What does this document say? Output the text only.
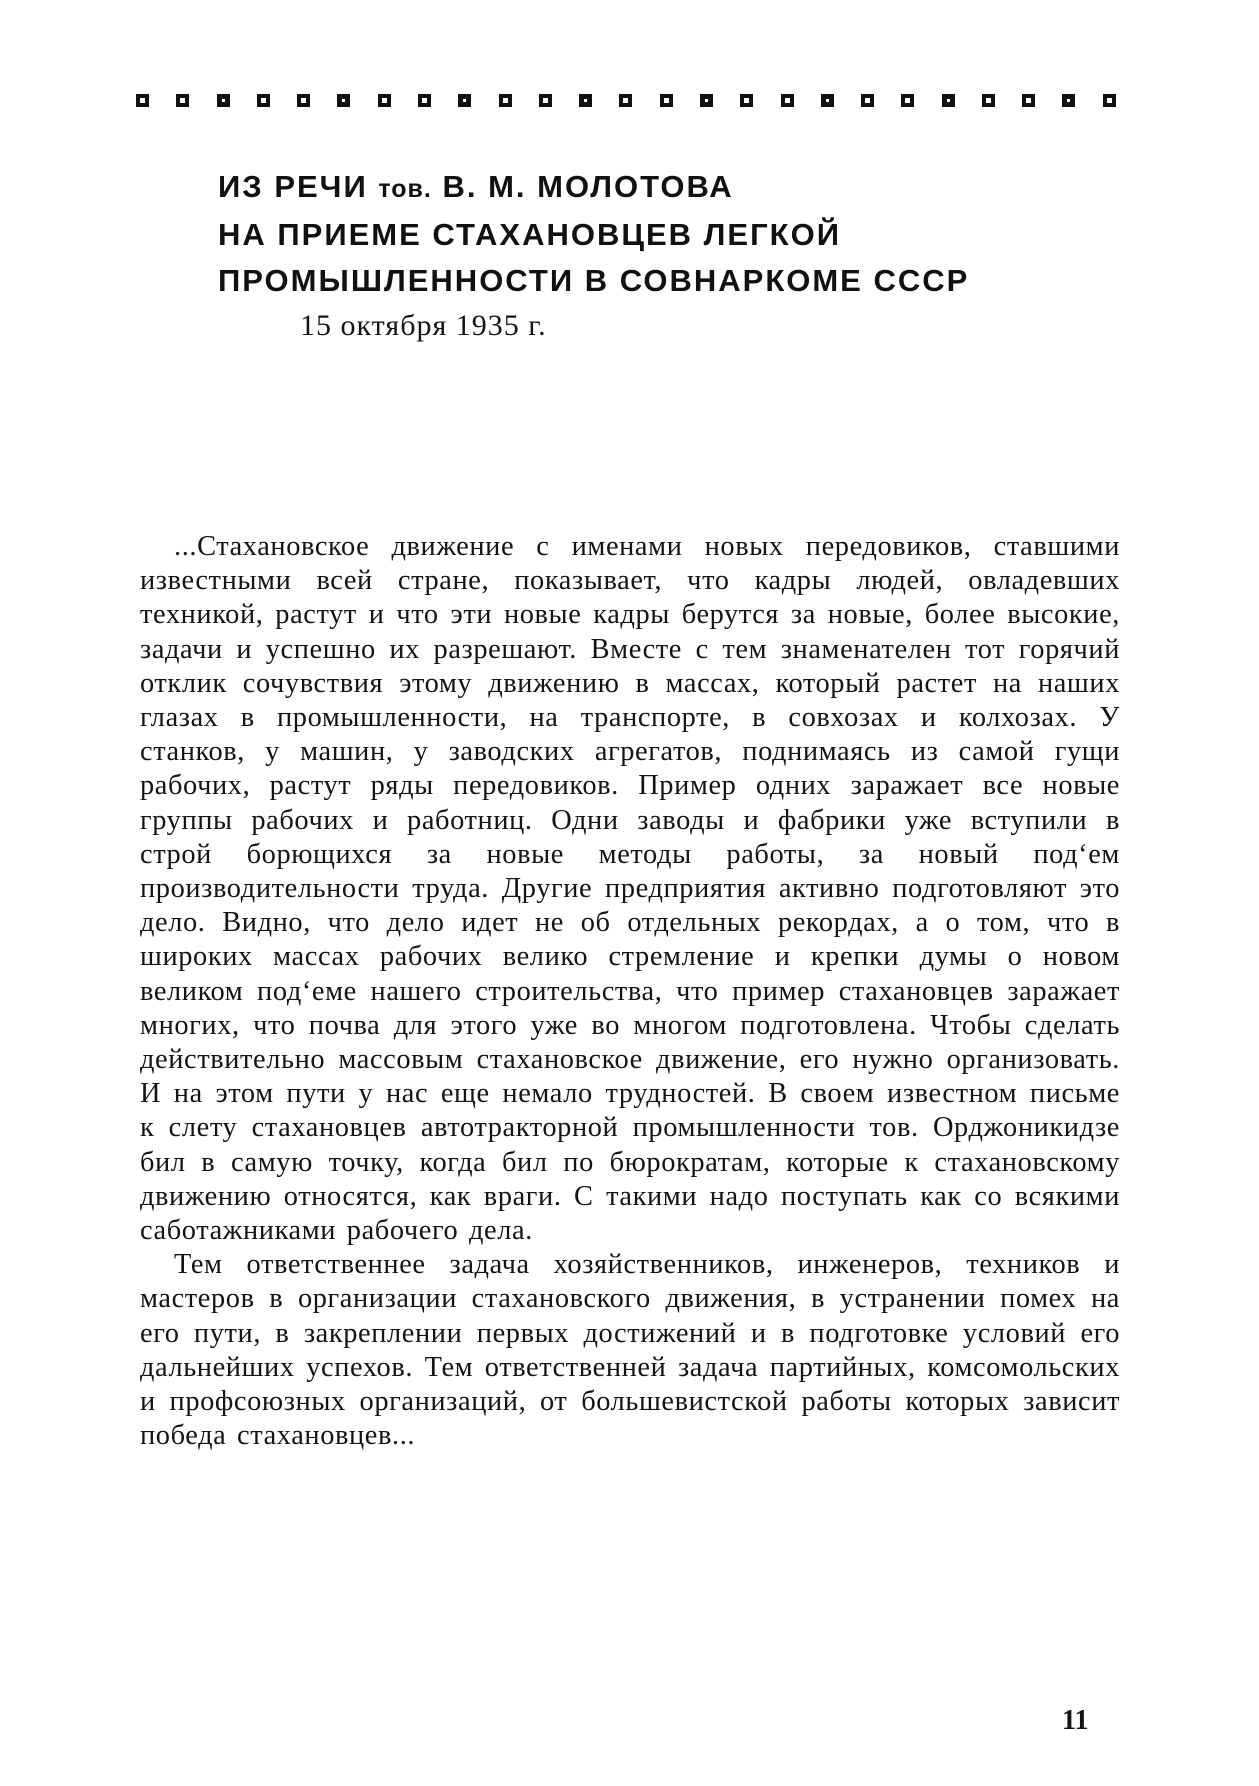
ИЗ РЕЧИ тов. В. М. МОЛОТОВА
НА ПРИЕМЕ СТАХАНОВЦЕВ ЛЕГКОЙ
ПРОМЫШЛЕННОСТИ В СОВНАРКОМЕ СССР

15 октября 1935 г.

...Стахановское движение с именами новых передовиков, ставшими известными всей стране, показывает, что кадры людей, овладевших техникой, растут и что эти новые кадры берутся за новые, более высокие, задачи и успешно их разрешают. Вместе с тем знаменателен тот горячий отклик сочувствия этому движению в массах, который растет на наших глазах в промышленности, на транспорте, в совхозах и колхозах. У станков, у машин, у заводских агрегатов, поднимаясь из самой гущи рабочих, растут ряды передовиков. Пример одних заражает все новые группы рабочих и работниц. Одни заводы и фабрики уже вступили в строй борющихся за новые методы работы, за новый под‘ем производительности труда. Другие предприятия активно подготовляют это дело. Видно, что дело идет не об отдельных рекордах, а о том, что в широких массах рабочих велико стремление и крепки думы о новом великом под‘еме нашего строительства, что пример стахановцев заражает многих, что почва для этого уже во многом подготовлена. Чтобы сделать действительно массовым стахановское движение, его нужно организовать. И на этом пути у нас еще немало трудностей. В своем известном письме к слету стахановцев автотракторной промышленности тов. Орджоникидзе бил в самую точку, когда бил по бюрократам, которые к стахановскому движению относятся, как враги. С такими надо поступать как со всякими саботажниками рабочего дела.

Тем ответственнее задача хозяйственников, инженеров, техников и мастеров в организации стахановского движения, в устранении помех на его пути, в закреплении первых достижений и в подготовке условий его дальнейших успехов. Тем ответственней задача партийных, комсомольских и профсоюзных организаций, от большевистской работы которых зависит победа стахановцев...

11
